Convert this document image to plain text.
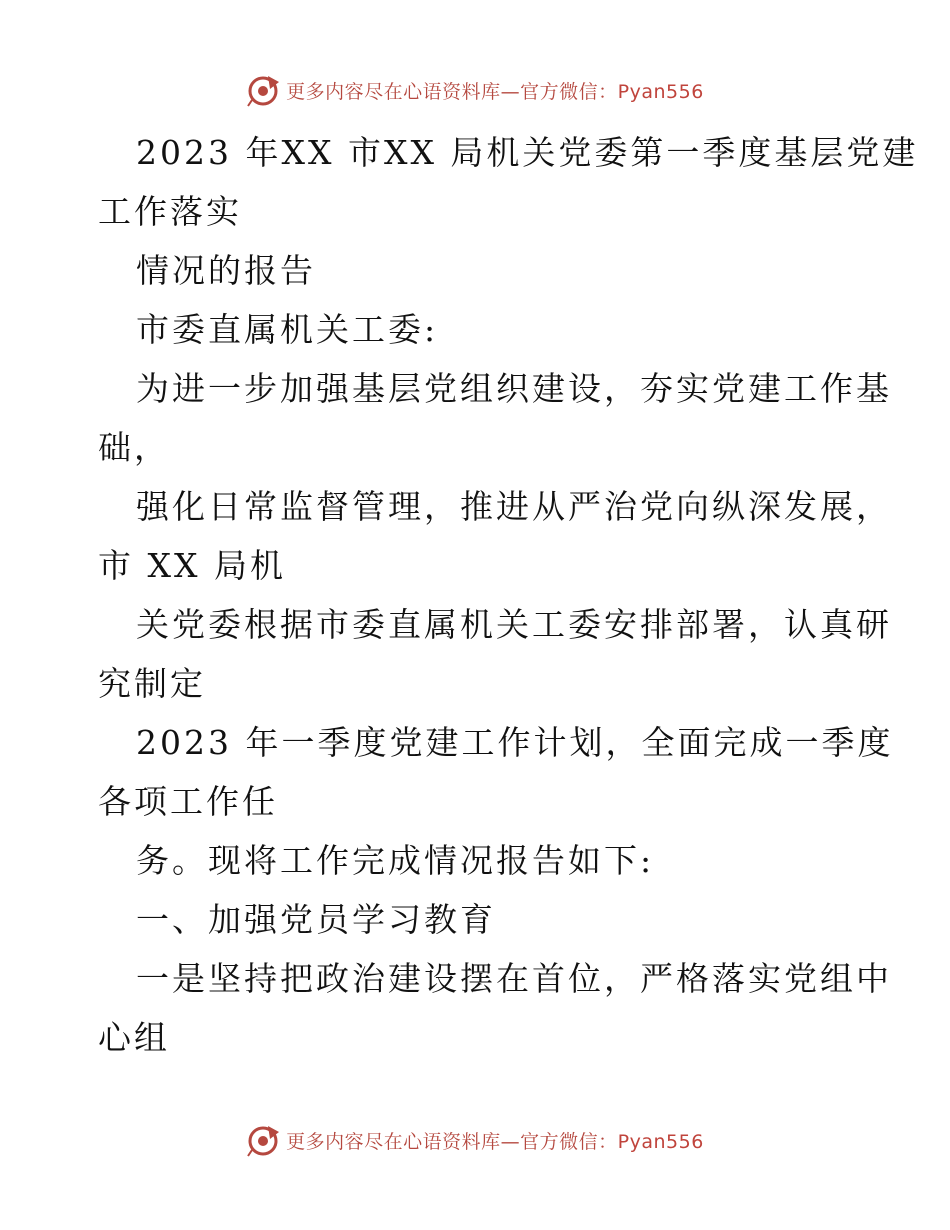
更多内容尽在心语资料库—官方微信：Pyan556
2023 年XX 市XX 局机关党委第一季度基层党建
工作落实
情况的报告
市委直属机关工委:
为进一步加强基层党组织建设，夯实党建工作基
础，
强化日常监督管理，推进从严治党向纵深发展，
市 XX 局机
关党委根据市委直属机关工委安排部署，认真研
究制定
2023 年一季度党建工作计划，全面完成一季度
各项工作任
务。现将工作完成情况报告如下:
一、加强党员学习教育
一是坚持把政治建设摆在首位，严格落实党组中
心组
更多内容尽在心语资料库—官方微信：Pyan556
